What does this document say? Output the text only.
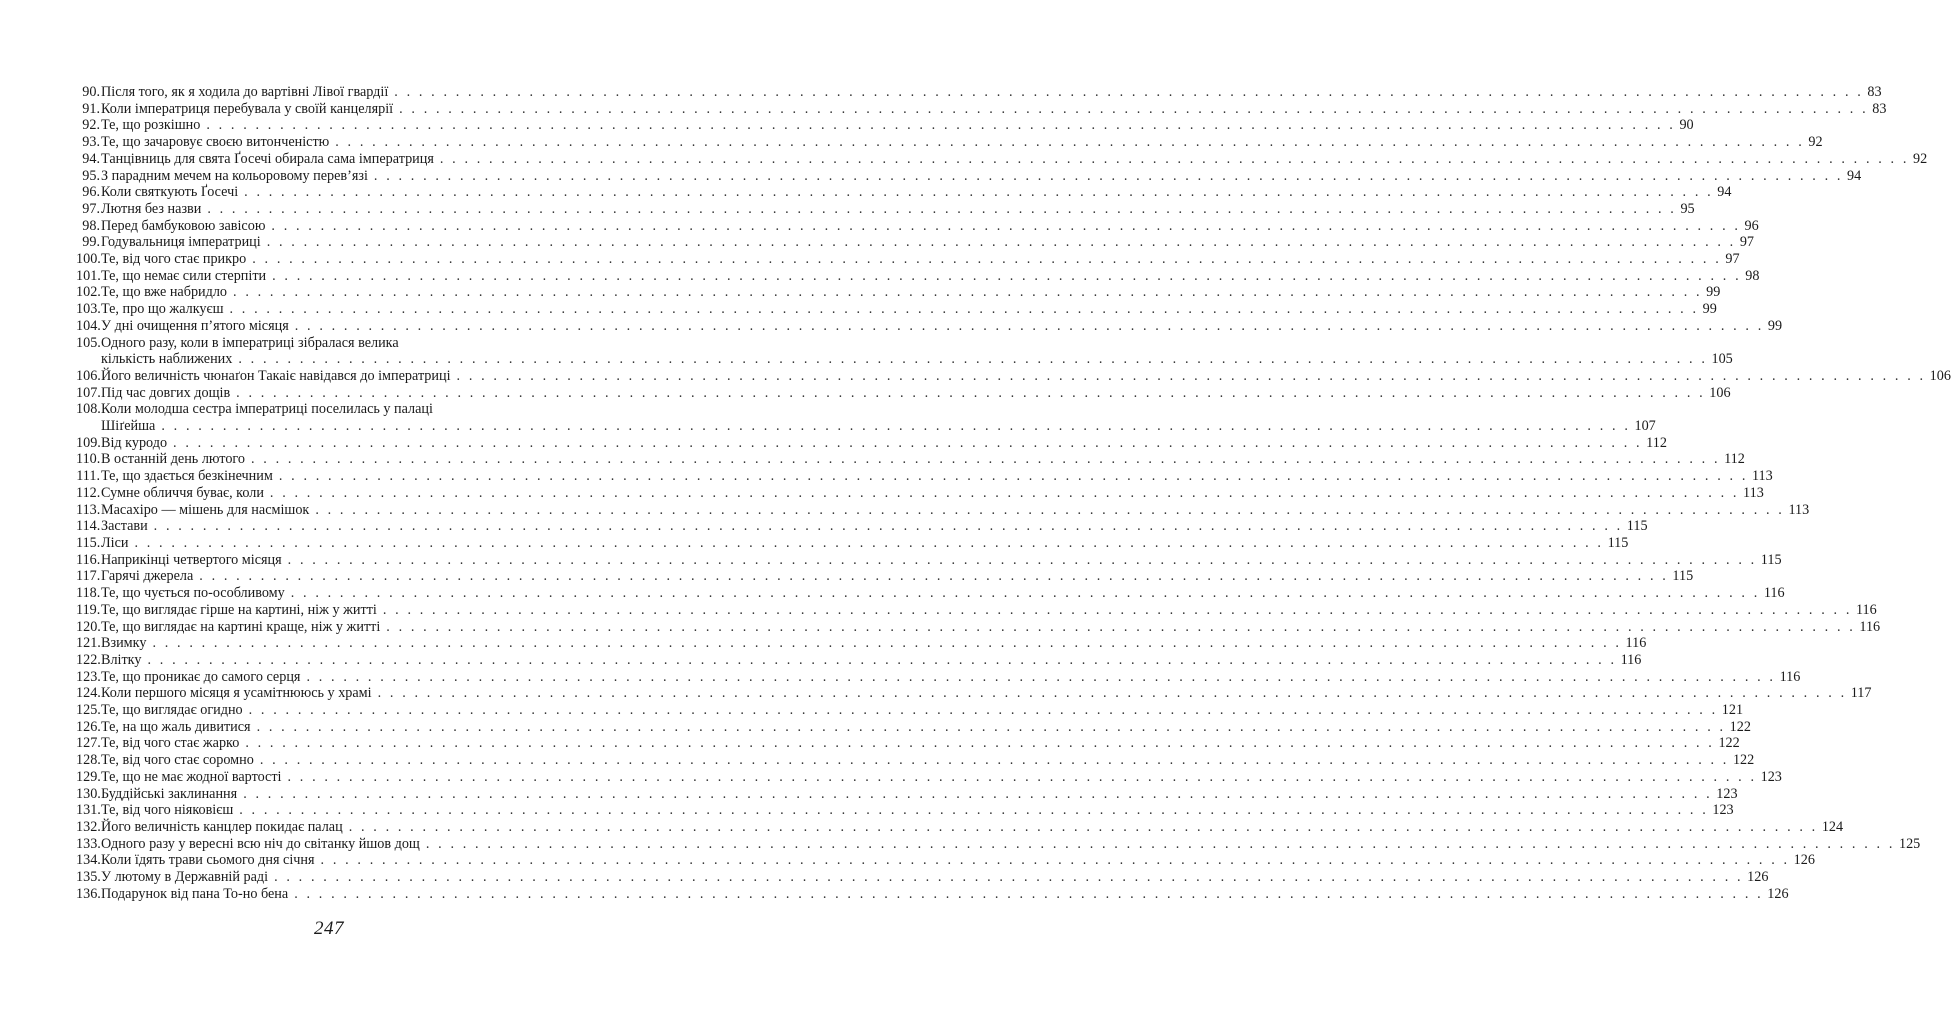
90. Після того, як я ходила до вартівні Лівої гвардії . . . . . . . . . . . . . . . . . . . . . . . . . . . . . . . . . . . . . . . . . . . . . . . . . . . . . . . . . . . . . . . . . . . . . . . . . . . . . . . . . . . . . . . . . . . . . . . . . . . . . . . . . . . . . . . . . . . . . . . . 83
91. Коли імператриця перебувала у своїй канцелярії . . . . . . . . . . . . . . . . . . . . . . . . . . . . . . . . . . . . . . . . . . . . . . . . . . . . . . . . . . . . . . . . . . . . . . . . . . . . . . . . . . . . . . . . . . . . . . . . . . . . . . . . . . . . . . . . . . . . . . . . 83
92. Те, що розкішно . . . . . . . . . . . . . . . . . . . . . . . . . . . . . . . . . . . . . . . . . . . . . . . . . . . . . . . . . . . . . . . . . . . . . . . . . . . . . . . . . . . . . . . . . . . . . . . . . . . . . . . . . . . . . . . . . . . . . . . . 90
93. Те, що зачаровує своєю витонченістю . . . . . . . . . . . . . . . . . . . . . . . . . . . . . . . . . . . . . . . . . . . . . . . . . . . . . . . . . . . . . . . . . . . . . . . . . . . . . . . . . . . . . . . . . . . . . . . . . . . . . . . . . . . . . . . . . . . . . . . . 92
94. Танцівниць для свята Ґосечі обирала сама імператриця . . . . . . . . . . . . . . . . . . . . . . . . . . . . . . . . . . . . . . . . . . . . . . . . . . . . . . . . . . . . . . . . . . . . . . . . . . . . . . . . . . . . . . . . . . . . . . . . . . . . . . . . . . . . . . . . . . . . . . . . 92
95. З парадним мечем на кольоровому перев’язі . . . . . . . . . . . . . . . . . . . . . . . . . . . . . . . . . . . . . . . . . . . . . . . . . . . . . . . . . . . . . . . . . . . . . . . . . . . . . . . . . . . . . . . . . . . . . . . . . . . . . . . . . . . . . . . . . . . . . . . . 94
96. Коли святкують Ґосечі . . . . . . . . . . . . . . . . . . . . . . . . . . . . . . . . . . . . . . . . . . . . . . . . . . . . . . . . . . . . . . . . . . . . . . . . . . . . . . . . . . . . . . . . . . . . . . . . . . . . . . . . . . . . . . . . . . . . . . . . 94
97. Лютня без назви . . . . . . . . . . . . . . . . . . . . . . . . . . . . . . . . . . . . . . . . . . . . . . . . . . . . . . . . . . . . . . . . . . . . . . . . . . . . . . . . . . . . . . . . . . . . . . . . . . . . . . . . . . . . . . . . . . . . . . . . 95
98. Перед бамбуковою завісою . . . . . . . . . . . . . . . . . . . . . . . . . . . . . . . . . . . . . . . . . . . . . . . . . . . . . . . . . . . . . . . . . . . . . . . . . . . . . . . . . . . . . . . . . . . . . . . . . . . . . . . . . . . . . . . . . . . . . . . . 96
99. Годувальниця імператриці . . . . . . . . . . . . . . . . . . . . . . . . . . . . . . . . . . . . . . . . . . . . . . . . . . . . . . . . . . . . . . . . . . . . . . . . . . . . . . . . . . . . . . . . . . . . . . . . . . . . . . . . . . . . . . . . . . . . . . . . 97
100. Те, від чого стає прикро . . . . . . . . . . . . . . . . . . . . . . . . . . . . . . . . . . . . . . . . . . . . . . . . . . . . . . . . . . . . . . . . . . . . . . . . . . . . . . . . . . . . . . . . . . . . . . . . . . . . . . . . . . . . . . . . . . . . . . . . 97
101. Те, що немає сили стерпіти . . . . . . . . . . . . . . . . . . . . . . . . . . . . . . . . . . . . . . . . . . . . . . . . . . . . . . . . . . . . . . . . . . . . . . . . . . . . . . . . . . . . . . . . . . . . . . . . . . . . . . . . . . . . . . . . . . . . . . . . 98
102. Те, що вже набридло . . . . . . . . . . . . . . . . . . . . . . . . . . . . . . . . . . . . . . . . . . . . . . . . . . . . . . . . . . . . . . . . . . . . . . . . . . . . . . . . . . . . . . . . . . . . . . . . . . . . . . . . . . . . . . . . . . . . . . . . 99
103. Те, про що жалкуєш . . . . . . . . . . . . . . . . . . . . . . . . . . . . . . . . . . . . . . . . . . . . . . . . . . . . . . . . . . . . . . . . . . . . . . . . . . . . . . . . . . . . . . . . . . . . . . . . . . . . . . . . . . . . . . . . . . . . . . . . 99
104. У дні очищення п’ятого місяця . . . . . . . . . . . . . . . . . . . . . . . . . . . . . . . . . . . . . . . . . . . . . . . . . . . . . . . . . . . . . . . . . . . . . . . . . . . . . . . . . . . . . . . . . . . . . . . . . . . . . . . . . . . . . . . . . . . . . . . . 99
105. Одного разу, коли в імператриці зібралася велика
кількість наближених . . . . . . . . . . . . . . . . . . . . . . . . . . . . . . . . . . . . . . . . . . . . . . . . . . . . . . . . . . . . . . . . . . . . . . . . . . . . . . . . . . . . . . . . . . . . . . . . . . . . . . . . . . . . . . . . . . . . . . . . 105
106. Його величність чюнаґон Такаіє навідався до імператриці . . . . . . . . . . . . . . . . . . . . . . . . . . . . . . . . . . . . . . . . . . . . . . . . . . . . . . . . . . . . . . . . . . . . . . . . . . . . . . . . . . . . . . . . . . . . . . . . . . . . . . . . . . . . . . . . . . . . . . . . 106
107. Під час довгих дощів . . . . . . . . . . . . . . . . . . . . . . . . . . . . . . . . . . . . . . . . . . . . . . . . . . . . . . . . . . . . . . . . . . . . . . . . . . . . . . . . . . . . . . . . . . . . . . . . . . . . . . . . . . . . . . . . . . . . . . . . 106
108. Коли молодша сестра імператриці поселилась у палаці
Шіґейша . . . . . . . . . . . . . . . . . . . . . . . . . . . . . . . . . . . . . . . . . . . . . . . . . . . . . . . . . . . . . . . . . . . . . . . . . . . . . . . . . . . . . . . . . . . . . . . . . . . . . . . . . . . . . . . . . . . . . . . . 107
109. Від куродо . . . . . . . . . . . . . . . . . . . . . . . . . . . . . . . . . . . . . . . . . . . . . . . . . . . . . . . . . . . . . . . . . . . . . . . . . . . . . . . . . . . . . . . . . . . . . . . . . . . . . . . . . . . . . . . . . . . . . . . . 112
110. В останній день лютого . . . . . . . . . . . . . . . . . . . . . . . . . . . . . . . . . . . . . . . . . . . . . . . . . . . . . . . . . . . . . . . . . . . . . . . . . . . . . . . . . . . . . . . . . . . . . . . . . . . . . . . . . . . . . . . . . . . . . . . . 112
111. Те, що здається безкінечним . . . . . . . . . . . . . . . . . . . . . . . . . . . . . . . . . . . . . . . . . . . . . . . . . . . . . . . . . . . . . . . . . . . . . . . . . . . . . . . . . . . . . . . . . . . . . . . . . . . . . . . . . . . . . . . . . . . . . . . . 113
112. Сумне обличчя буває, коли . . . . . . . . . . . . . . . . . . . . . . . . . . . . . . . . . . . . . . . . . . . . . . . . . . . . . . . . . . . . . . . . . . . . . . . . . . . . . . . . . . . . . . . . . . . . . . . . . . . . . . . . . . . . . . . . . . . . . . . . 113
113. Масахіро — мішень для насмішок . . . . . . . . . . . . . . . . . . . . . . . . . . . . . . . . . . . . . . . . . . . . . . . . . . . . . . . . . . . . . . . . . . . . . . . . . . . . . . . . . . . . . . . . . . . . . . . . . . . . . . . . . . . . . . . . . . . . . . . . 113
114. Застави . . . . . . . . . . . . . . . . . . . . . . . . . . . . . . . . . . . . . . . . . . . . . . . . . . . . . . . . . . . . . . . . . . . . . . . . . . . . . . . . . . . . . . . . . . . . . . . . . . . . . . . . . . . . . . . . . . . . . . . . 115
115. Ліси . . . . . . . . . . . . . . . . . . . . . . . . . . . . . . . . . . . . . . . . . . . . . . . . . . . . . . . . . . . . . . . . . . . . . . . . . . . . . . . . . . . . . . . . . . . . . . . . . . . . . . . . . . . . . . . . . . . . . . . . 115
116. Наприкінці четвертого місяця . . . . . . . . . . . . . . . . . . . . . . . . . . . . . . . . . . . . . . . . . . . . . . . . . . . . . . . . . . . . . . . . . . . . . . . . . . . . . . . . . . . . . . . . . . . . . . . . . . . . . . . . . . . . . . . . . . . . . . . . 115
117. Гарячі джерела . . . . . . . . . . . . . . . . . . . . . . . . . . . . . . . . . . . . . . . . . . . . . . . . . . . . . . . . . . . . . . . . . . . . . . . . . . . . . . . . . . . . . . . . . . . . . . . . . . . . . . . . . . . . . . . . . . . . . . . . 115
118. Те, що чується по-особливому . . . . . . . . . . . . . . . . . . . . . . . . . . . . . . . . . . . . . . . . . . . . . . . . . . . . . . . . . . . . . . . . . . . . . . . . . . . . . . . . . . . . . . . . . . . . . . . . . . . . . . . . . . . . . . . . . . . . . . . . 116
119. Те, що виглядає гірше на картині, ніж у житті . . . . . . . . . . . . . . . . . . . . . . . . . . . . . . . . . . . . . . . . . . . . . . . . . . . . . . . . . . . . . . . . . . . . . . . . . . . . . . . . . . . . . . . . . . . . . . . . . . . . . . . . . . . . . . . . . . . . . . . . 116
120. Те, що виглядає на картині краще, ніж у житті . . . . . . . . . . . . . . . . . . . . . . . . . . . . . . . . . . . . . . . . . . . . . . . . . . . . . . . . . . . . . . . . . . . . . . . . . . . . . . . . . . . . . . . . . . . . . . . . . . . . . . . . . . . . . . . . . . . . . . . . 116
121. Взимку . . . . . . . . . . . . . . . . . . . . . . . . . . . . . . . . . . . . . . . . . . . . . . . . . . . . . . . . . . . . . . . . . . . . . . . . . . . . . . . . . . . . . . . . . . . . . . . . . . . . . . . . . . . . . . . . . . . . . . . . 116
122. Влітку . . . . . . . . . . . . . . . . . . . . . . . . . . . . . . . . . . . . . . . . . . . . . . . . . . . . . . . . . . . . . . . . . . . . . . . . . . . . . . . . . . . . . . . . . . . . . . . . . . . . . . . . . . . . . . . . . . . . . . . . 116
123. Те, що проникає до самого серця . . . . . . . . . . . . . . . . . . . . . . . . . . . . . . . . . . . . . . . . . . . . . . . . . . . . . . . . . . . . . . . . . . . . . . . . . . . . . . . . . . . . . . . . . . . . . . . . . . . . . . . . . . . . . . . . . . . . . . . . 116
124. Коли першого місяця я усамітнююсь у храмі . . . . . . . . . . . . . . . . . . . . . . . . . . . . . . . . . . . . . . . . . . . . . . . . . . . . . . . . . . . . . . . . . . . . . . . . . . . . . . . . . . . . . . . . . . . . . . . . . . . . . . . . . . . . . . . . . . . . . . . . 117
125. Те, що виглядає огидно . . . . . . . . . . . . . . . . . . . . . . . . . . . . . . . . . . . . . . . . . . . . . . . . . . . . . . . . . . . . . . . . . . . . . . . . . . . . . . . . . . . . . . . . . . . . . . . . . . . . . . . . . . . . . . . . . . . . . . . . 121
126. Те, на що жаль дивитися . . . . . . . . . . . . . . . . . . . . . . . . . . . . . . . . . . . . . . . . . . . . . . . . . . . . . . . . . . . . . . . . . . . . . . . . . . . . . . . . . . . . . . . . . . . . . . . . . . . . . . . . . . . . . . . . . . . . . . . . 122
127. Те, від чого стає жарко . . . . . . . . . . . . . . . . . . . . . . . . . . . . . . . . . . . . . . . . . . . . . . . . . . . . . . . . . . . . . . . . . . . . . . . . . . . . . . . . . . . . . . . . . . . . . . . . . . . . . . . . . . . . . . . . . . . . . . . . 122
128. Те, від чого стає соромно . . . . . . . . . . . . . . . . . . . . . . . . . . . . . . . . . . . . . . . . . . . . . . . . . . . . . . . . . . . . . . . . . . . . . . . . . . . . . . . . . . . . . . . . . . . . . . . . . . . . . . . . . . . . . . . . . . . . . . . . 122
129. Те, що не має жодної вартості . . . . . . . . . . . . . . . . . . . . . . . . . . . . . . . . . . . . . . . . . . . . . . . . . . . . . . . . . . . . . . . . . . . . . . . . . . . . . . . . . . . . . . . . . . . . . . . . . . . . . . . . . . . . . . . . . . . . . . . . 123
130. Буддійські заклинання . . . . . . . . . . . . . . . . . . . . . . . . . . . . . . . . . . . . . . . . . . . . . . . . . . . . . . . . . . . . . . . . . . . . . . . . . . . . . . . . . . . . . . . . . . . . . . . . . . . . . . . . . . . . . . . . . . . . . . . . 123
131. Те, від чого ніяковієш . . . . . . . . . . . . . . . . . . . . . . . . . . . . . . . . . . . . . . . . . . . . . . . . . . . . . . . . . . . . . . . . . . . . . . . . . . . . . . . . . . . . . . . . . . . . . . . . . . . . . . . . . . . . . . . . . . . . . . . . 123
132. Його величність канцлер покидає палац . . . . . . . . . . . . . . . . . . . . . . . . . . . . . . . . . . . . . . . . . . . . . . . . . . . . . . . . . . . . . . . . . . . . . . . . . . . . . . . . . . . . . . . . . . . . . . . . . . . . . . . . . . . . . . . . . . . . . . . . 124
133. Одного разу у вересні всю ніч до світанку йшов дощ . . . . . . . . . . . . . . . . . . . . . . . . . . . . . . . . . . . . . . . . . . . . . . . . . . . . . . . . . . . . . . . . . . . . . . . . . . . . . . . . . . . . . . . . . . . . . . . . . . . . . . . . . . . . . . . . . . . . . . . . 125
134. Коли їдять трави сьомого дня січня . . . . . . . . . . . . . . . . . . . . . . . . . . . . . . . . . . . . . . . . . . . . . . . . . . . . . . . . . . . . . . . . . . . . . . . . . . . . . . . . . . . . . . . . . . . . . . . . . . . . . . . . . . . . . . . . . . . . . . . . 126
135. У лютому в Державній раді . . . . . . . . . . . . . . . . . . . . . . . . . . . . . . . . . . . . . . . . . . . . . . . . . . . . . . . . . . . . . . . . . . . . . . . . . . . . . . . . . . . . . . . . . . . . . . . . . . . . . . . . . . . . . . . . . . . . . . . . 126
136. Подарунок від пана То-но бена . . . . . . . . . . . . . . . . . . . . . . . . . . . . . . . . . . . . . . . . . . . . . . . . . . . . . . . . . . . . . . . . . . . . . . . . . . . . . . . . . . . . . . . . . . . . . . . . . . . . . . . . . . . . . . . . . . . . . . . . 126
247
